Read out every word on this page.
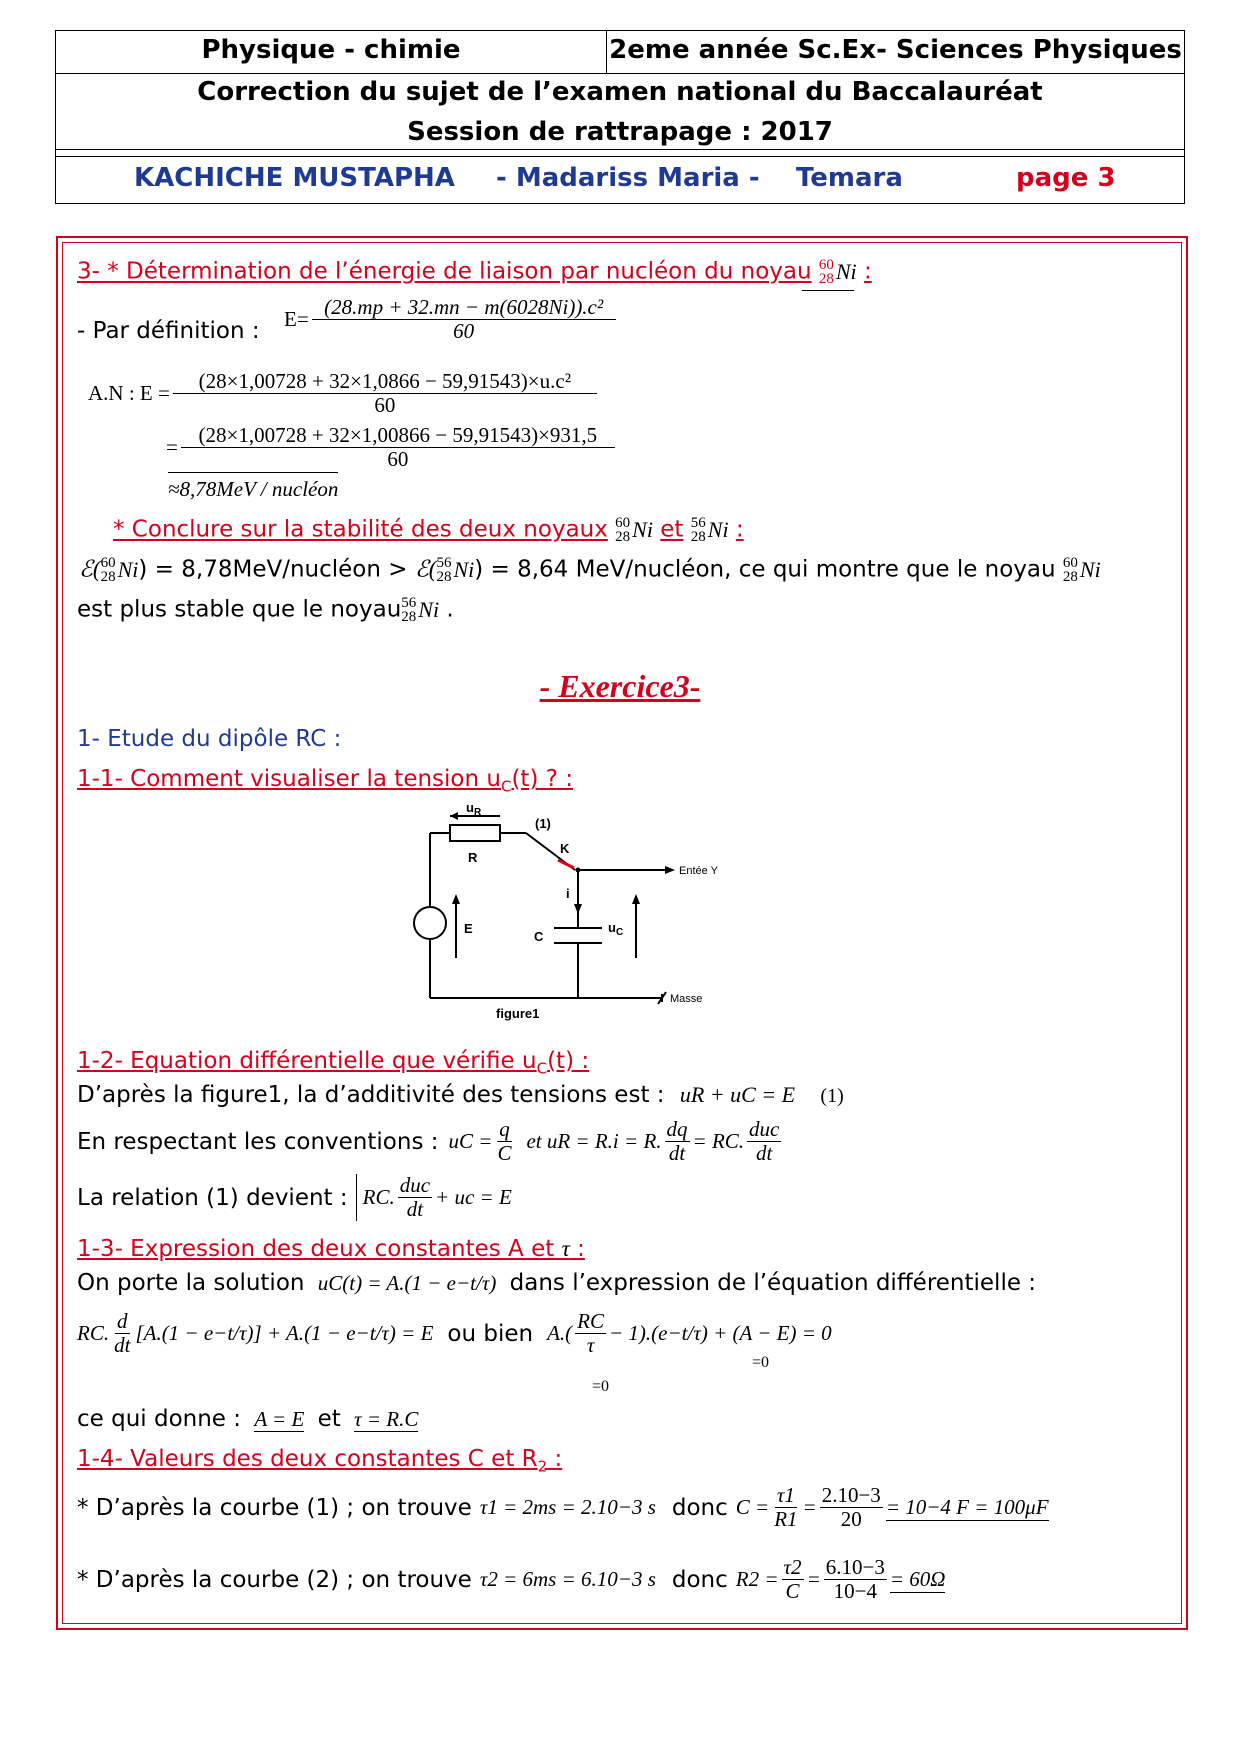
Physique - chimie	2eme année Sc.Ex- Sciences Physiques
Correction du sujet de l’examen national du Baccalauréat
Session de rattrapage : 2017
KACHICHE MUSTAPHA - Madariss Maria - Temara	page 3
3- * Détermination de l’énergie de liaison par nucléon du noyau 60
28 Ni :
- Par définition : $E= \frac{\text{(28.mp + 32.mn − m(6028Ni)).c²}}{60}$
A.N : $E = \frac{\text{(28×1,00728 + 32×1,0866 − 59,91543)×u.c²}}{60}$
= $\frac{(28\times 1,00728 + 32\times 1,00866 - 59,91543)\times 931,5}{60}$
≈8,78MeV / nucléon
* Conclure sur la stabilité des deux noyaux 60
28 Ni et 56
28 Ni :
ℰ( 60
28 Ni ) = 8,78MeV/nucléon > ℰ( 56
28 Ni ) = 8,64 MeV/nucléon, ce qui montre que le noyau 60
28 Ni
est plus stable que le noyau 56
28 Ni .
- Exercice3-
1- Etude du dipôle RC :
1-1- Comment visualiser la tension $u_C(t)$ ? :
$u_R$
(1)
K
R
E
i
C
$u_C$
figure1
Entée Y
Masse
1-2- Equation différentielle que vérifie $u_C(t)$ :
D’après la figure1, la d’additivité des tensions est : uR + uC = E (1)
En respectant les conventions : uC = $\frac{q}{C}$ et uR = R.i = R. $\frac{dq}{dt}$ = RC. $\frac{\text{duc}}{dt}$
La relation (1) devient : RC. $\frac{\text{duc}}{dt}$ + uc = E
1-3- Expression des deux constantes A et τ :
On porte la solution uC(t) = A.(1 − e−t/τ) dans l’expression de l’équation différentielle :
RC. $\frac{d}{dt} [A.(1 - e-t/\tau)] + A.(1 - e-t/\tau) = E$ ou bien $A.( \frac{RC}{\tau} - 1).(e-t/\tau) + (A - E) = 0$
=0
=0
ce qui donne : A = E et τ = R.C
1-4- Valeurs des deux constantes C et $R_2$ :
* D’après la courbe (1) ; on trouve τ1 = 2ms = 2.10−3 s donc $C = \frac{\tau 1}{R1} = \frac{2.10-3}{20} = 10-4$ F = 100μF
* D’après la courbe (2) ; on trouve τ2 = 6ms = 6.10−3 s donc $R2 = \frac{\tau 2}{C} = \frac{6.10-3}{10-4} = 60\Omega$
